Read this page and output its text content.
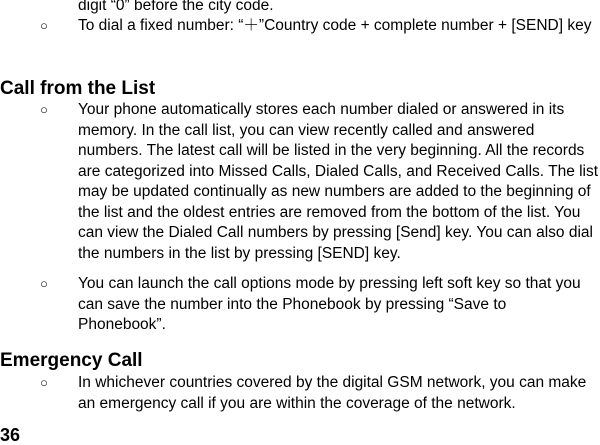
digit “0” before the city code.
○ To dial a fixed number: “＋”Country code + complete number + [SEND] key
Call from the List
○ Your phone automatically stores each number dialed or answered in its memory. In the call list, you can view recently called and answered numbers. The latest call will be listed in the very beginning. All the records are categorized into Missed Calls, Dialed Calls, and Received Calls. The list may be updated continually as new numbers are added to the beginning of the list and the oldest entries are removed from the bottom of the list. You can view the Dialed Call numbers by pressing [Send] key. You can also dial the numbers in the list by pressing [SEND] key.
○ You can launch the call options mode by pressing left soft key so that you can save the number into the Phonebook by pressing “Save to Phonebook”.
Emergency Call
○ In whichever countries covered by the digital GSM network, you can make an emergency call if you are within the coverage of the network.
36
